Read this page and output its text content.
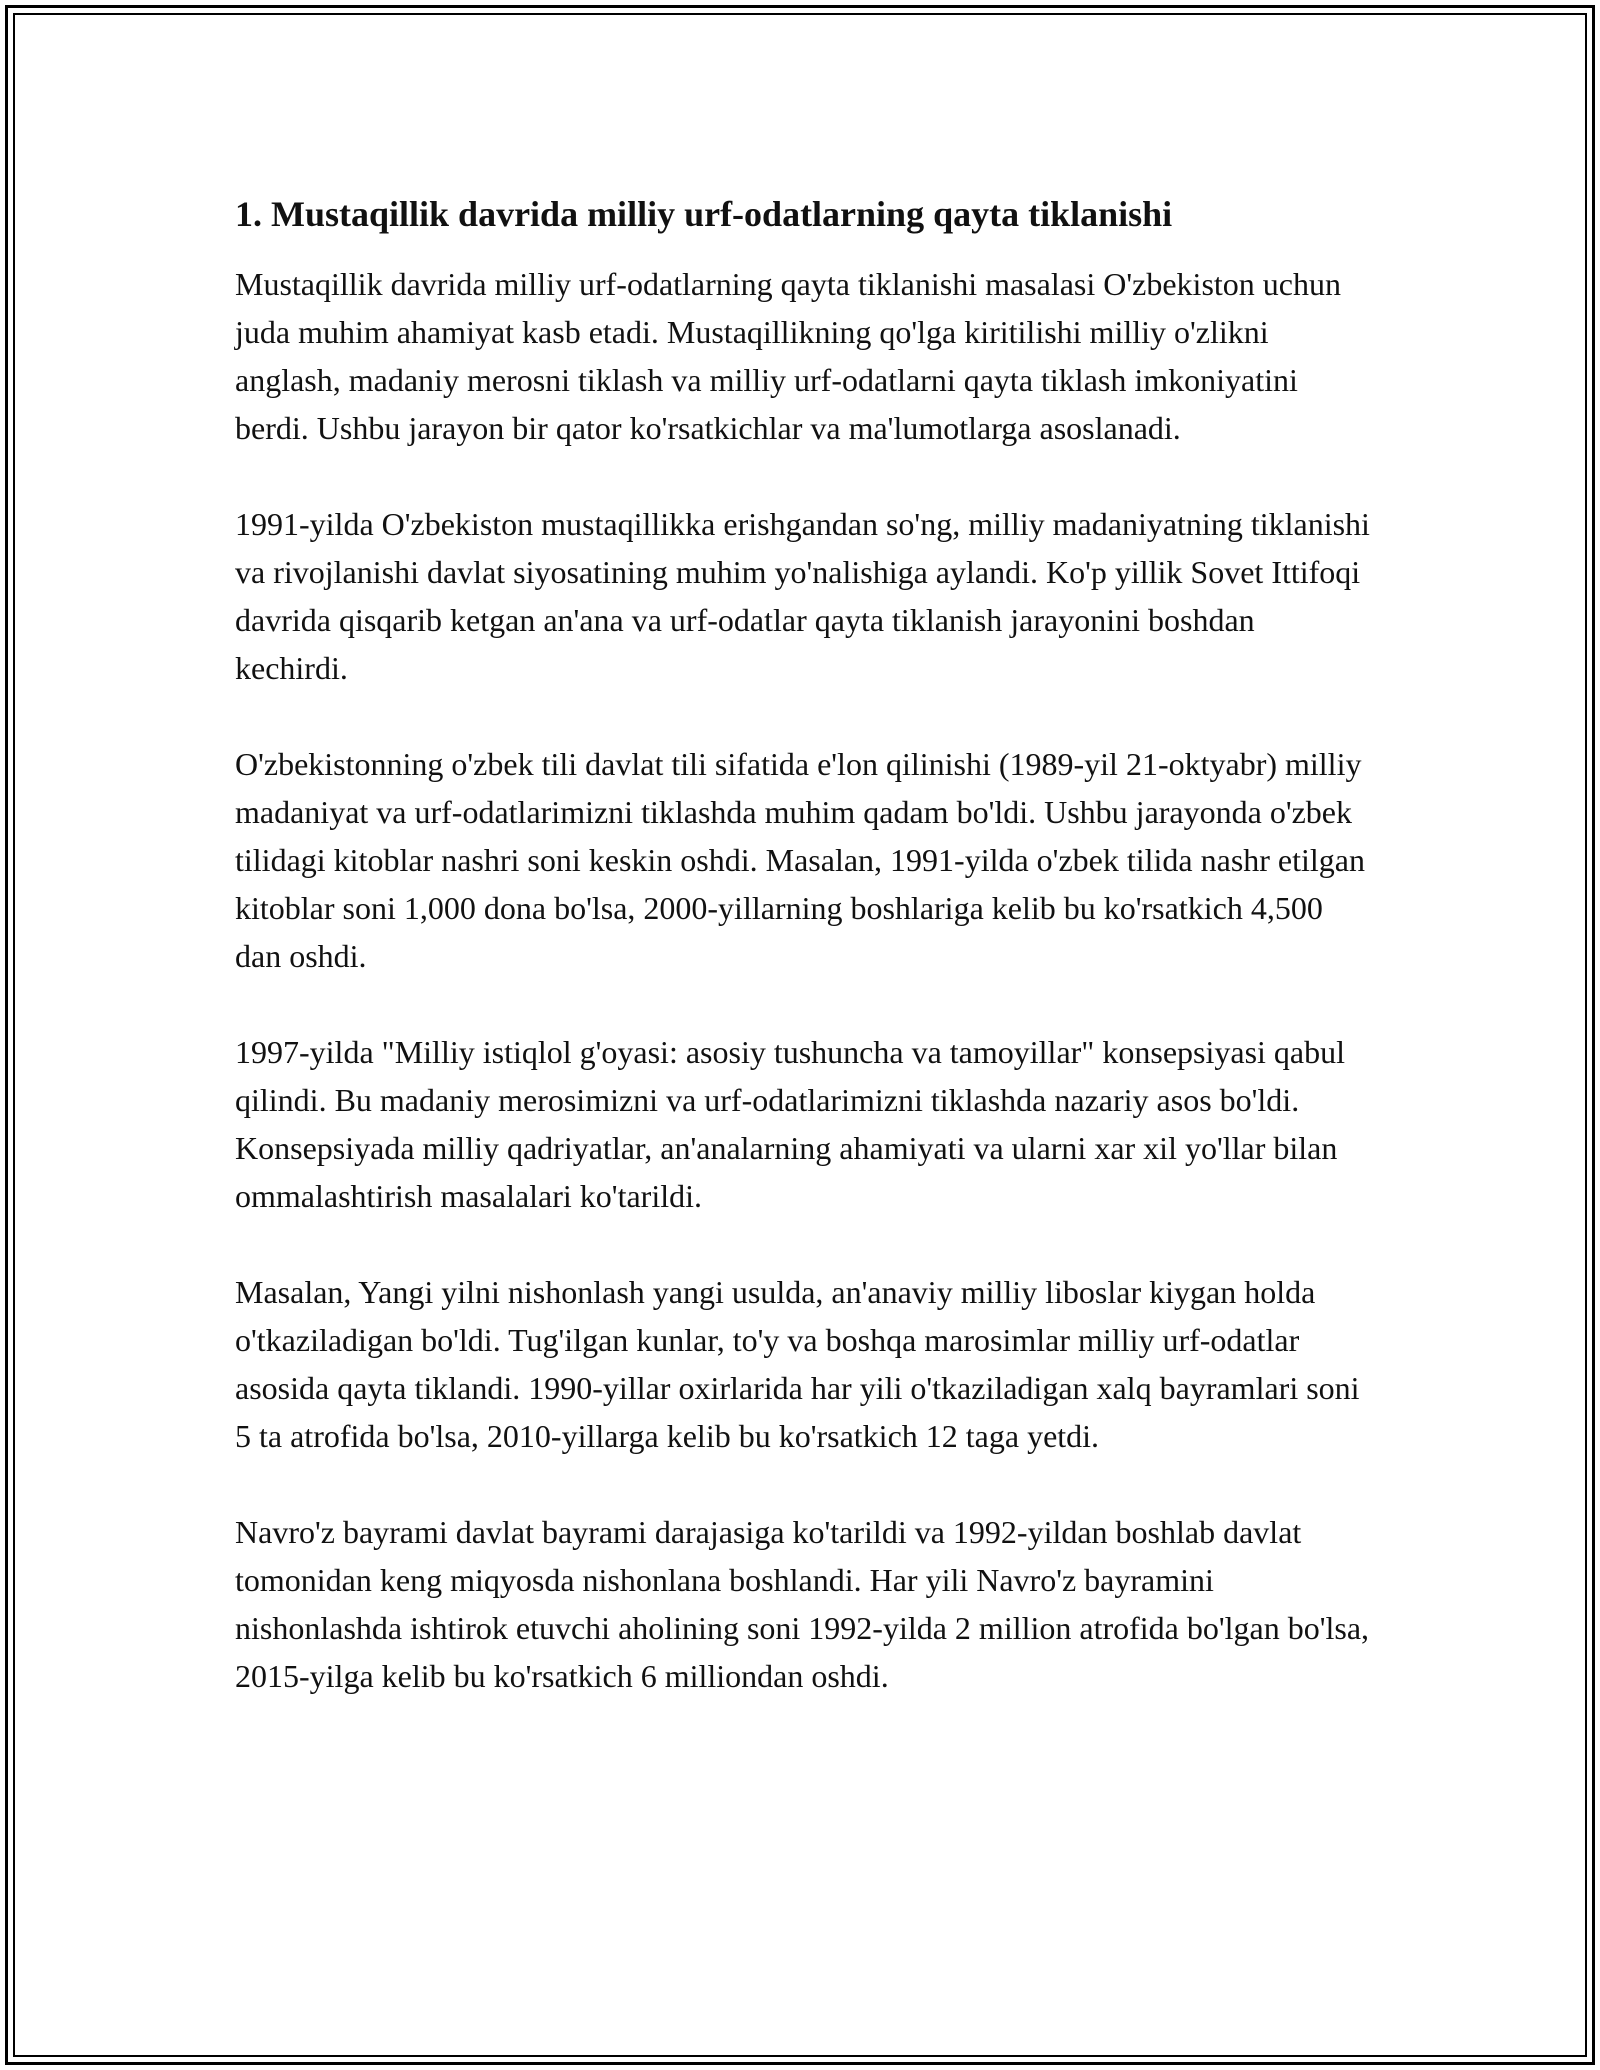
1. Mustaqillik davrida milliy urf-odatlarning qayta tiklanishi

Mustaqillik davrida milliy urf-odatlarning qayta tiklanishi masalasi O'zbekiston uchun juda muhim ahamiyat kasb etadi. Mustaqillikning qo'lga kiritilishi milliy o'zlikni anglash, madaniy merosni tiklash va milliy urf-odatlarni qayta tiklash imkoniyatini berdi. Ushbu jarayon bir qator ko'rsatkichlar va ma'lumotlarga asoslanadi.

1991-yilda O'zbekiston mustaqillikka erishgandan so'ng, milliy madaniyatning tiklanishi va rivojlanishi davlat siyosatining muhim yo'nalishiga aylandi. Ko'p yillik Sovet Ittifoqi davrida qisqarib ketgan an'ana va urf-odatlar qayta tiklanish jarayonini boshdan kechirdi.

O'zbekistonning o'zbek tili davlat tili sifatida e'lon qilinishi (1989-yil 21-oktyabr) milliy madaniyat va urf-odatlarimizni tiklashda muhim qadam bo'ldi. Ushbu jarayonda o'zbek tilidagi kitoblar nashri soni keskin oshdi. Masalan, 1991-yilda o'zbek tilida nashr etilgan kitoblar soni 1,000 dona bo'lsa, 2000-yillarning boshlariga kelib bu ko'rsatkich 4,500 dan oshdi.

1997-yilda "Milliy istiqlol g'oyasi: asosiy tushuncha va tamoyillar" konsepsiyasi qabul qilindi. Bu madaniy merosimizni va urf-odatlarimizni tiklashda nazariy asos bo'ldi. Konsepsiyada milliy qadriyatlar, an'analarning ahamiyati va ularni xar xil yo'llar bilan ommalashtirish masalalari ko'tarildi.

Masalan, Yangi yilni nishonlash yangi usulda, an'anaviy milliy liboslar kiygan holda o'tkaziladigan bo'ldi. Tug'ilgan kunlar, to'y va boshqa marosimlar milliy urf-odatlar asosida qayta tiklandi. 1990-yillar oxirlarida har yili o'tkaziladigan xalq bayramlari soni 5 ta atrofida bo'lsa, 2010-yillarga kelib bu ko'rsatkich 12 taga yetdi.

Navro'z bayrami davlat bayrami darajasiga ko'tarildi va 1992-yildan boshlab davlat tomonidan keng miqyosda nishonlana boshlandi. Har yili Navro'z bayramini nishonlashda ishtirok etuvchi aholining soni 1992-yilda 2 million atrofida bo'lgan bo'lsa, 2015-yilga kelib bu ko'rsatkich 6 milliondan oshdi.
